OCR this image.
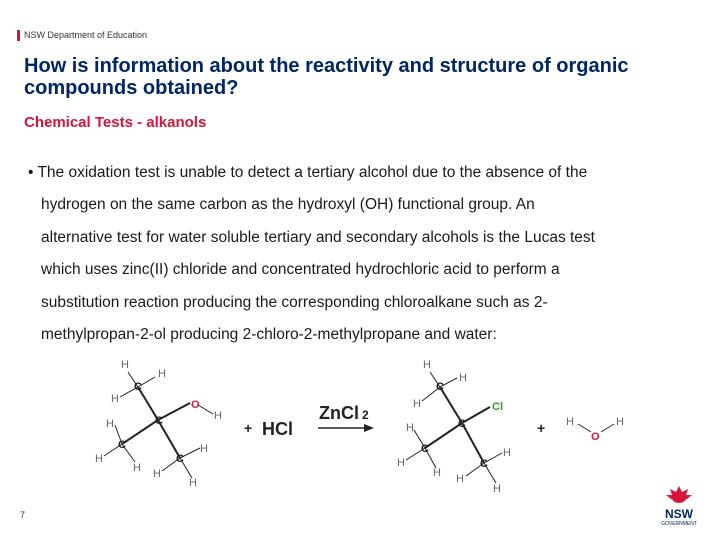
NSW Department of Education
How is information about the reactivity and structure of organic compounds obtained?
Chemical Tests - alkanols
• The oxidation test is unable to detect a tertiary alcohol due to the absence of the
hydrogen on the same carbon as the hydroxyl (OH) functional group. An
alternative test for water soluble tertiary and secondary alcohols is the Lucas test
which uses zinc(II) chloride and concentrated hydrochloric acid to perform a
substitution reaction producing the corresponding chloroalkane such as 2-
methylpropan-2-ol producing 2-chloro-2-methylpropane and water:
C
C
C
C
O
H
H
H
H
H
H
H
H
H
H
+ HCl
ZnCl 2
C
C
C
C
Cl
H
H
H
H
H
H
H
H
H
+ H
O
H
7	NSW
GOVERNMENT
